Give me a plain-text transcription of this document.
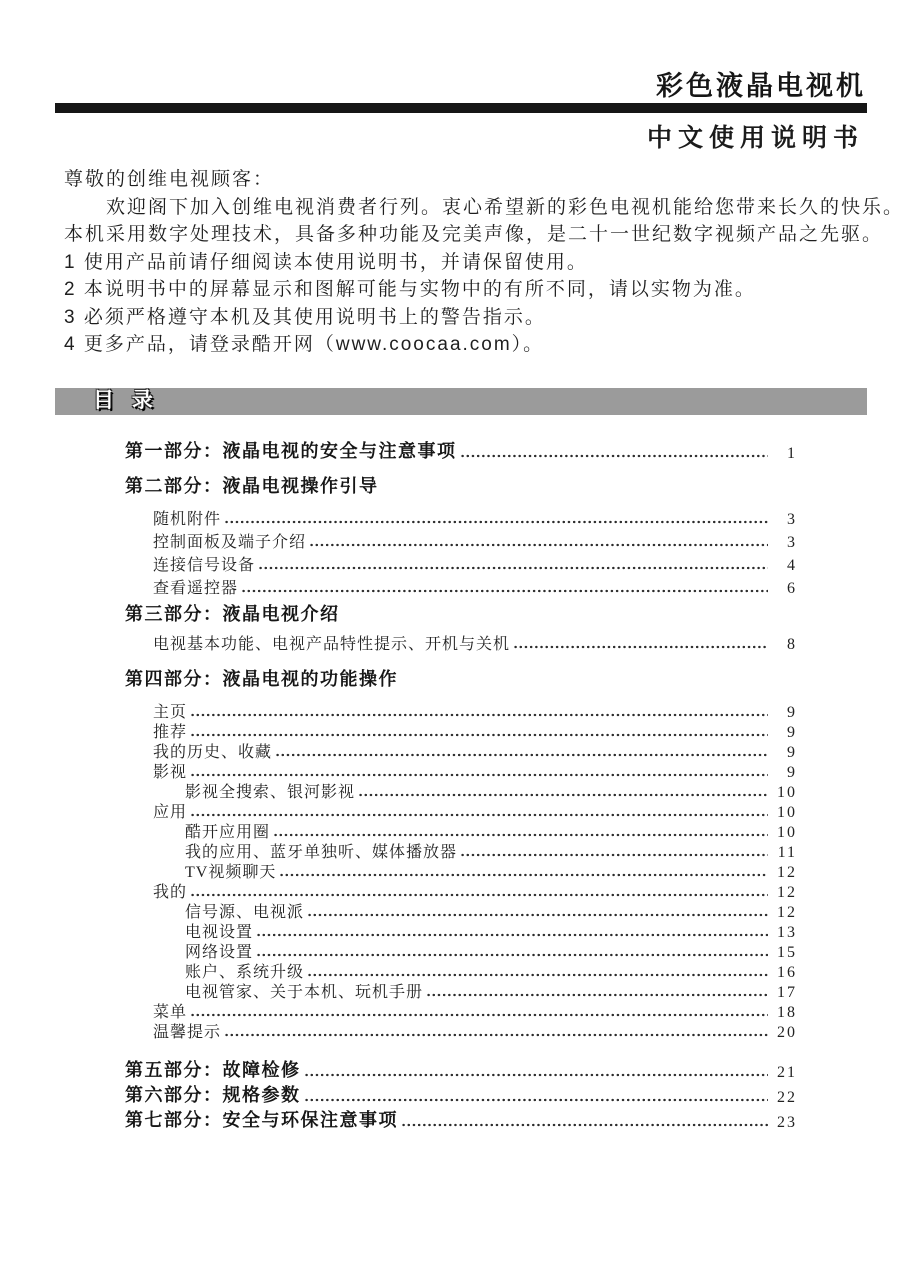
彩色液晶电视机
中文使用说明书
尊敬的创维电视顾客：
欢迎阁下加入创维电视消费者行列。衷心希望新的彩色电视机能给您带来长久的快乐。
本机采用数字处理技术，具备多种功能及完美声像，是二十一世纪数字视频产品之先驱。
1 使用产品前请仔细阅读本使用说明书，并请保留使用。
2 本说明书中的屏幕显示和图解可能与实物中的有所不同，请以实物为准。
3 必须严格遵守本机及其使用说明书上的警告指示。
4 更多产品，请登录酷开网（www.coocaa.com）。
目 录
第一部分：液晶电视的安全与注意事项	1
第二部分：液晶电视操作引导
随机附件	3
控制面板及端子介绍	3
连接信号设备	4
查看遥控器	6
第三部分：液晶电视介绍
电视基本功能、电视产品特性提示、开机与关机	8
第四部分：液晶电视的功能操作
主页	9
推荐	9
我的历史、收藏	9
影视	9
影视全搜索、银河影视	10
应用	10
酷开应用圈	10
我的应用、蓝牙单独听、媒体播放器	11
TV视频聊天	12
我的	12
信号源、电视派	12
电视设置	13
网络设置	15
账户、系统升级	16
电视管家、关于本机、玩机手册	17
菜单	18
温馨提示	20
第五部分：故障检修	21
第六部分：规格参数	22
第七部分：安全与环保注意事项	23
